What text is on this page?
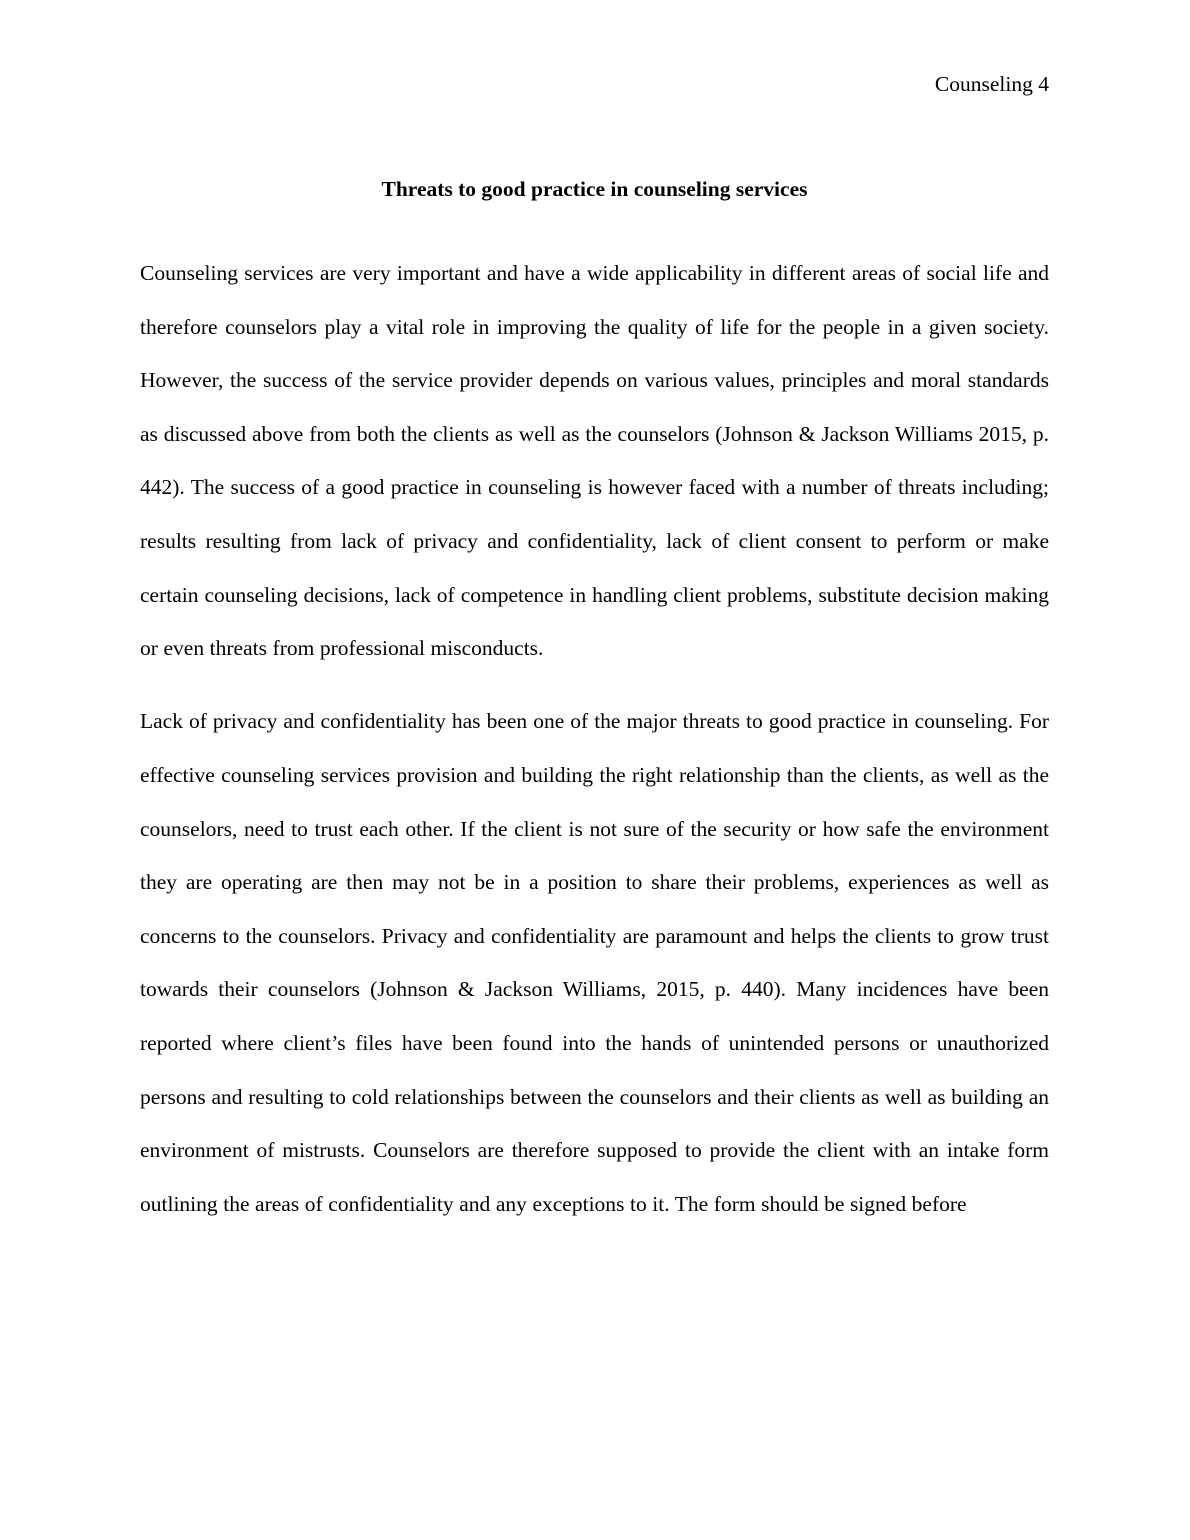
Counseling 4
Threats to good practice in counseling services

Counseling services are very important and have a wide applicability in different areas of social life and therefore counselors play a vital role in improving the quality of life for the people in a given society. However, the success of the service provider depends on various values, principles and moral standards as discussed above from both the clients as well as the counselors (Johnson & Jackson Williams 2015, p. 442). The success of a good practice in counseling is however faced with a number of threats including; results resulting from lack of privacy and confidentiality, lack of client consent to perform or make certain counseling decisions, lack of competence in handling client problems, substitute decision making or even threats from professional misconducts.

Lack of privacy and confidentiality has been one of the major threats to good practice in counseling. For effective counseling services provision and building the right relationship than the clients, as well as the counselors, need to trust each other. If the client is not sure of the security or how safe the environment they are operating are then may not be in a position to share their problems, experiences as well as concerns to the counselors. Privacy and confidentiality are paramount and helps the clients to grow trust towards their counselors (Johnson & Jackson Williams, 2015, p. 440). Many incidences have been reported where client’s files have been found into the hands of unintended persons or unauthorized persons and resulting to cold relationships between the counselors and their clients as well as building an environment of mistrusts. Counselors are therefore supposed to provide the client with an intake form outlining the areas of confidentiality and any exceptions to it. The form should be signed before
